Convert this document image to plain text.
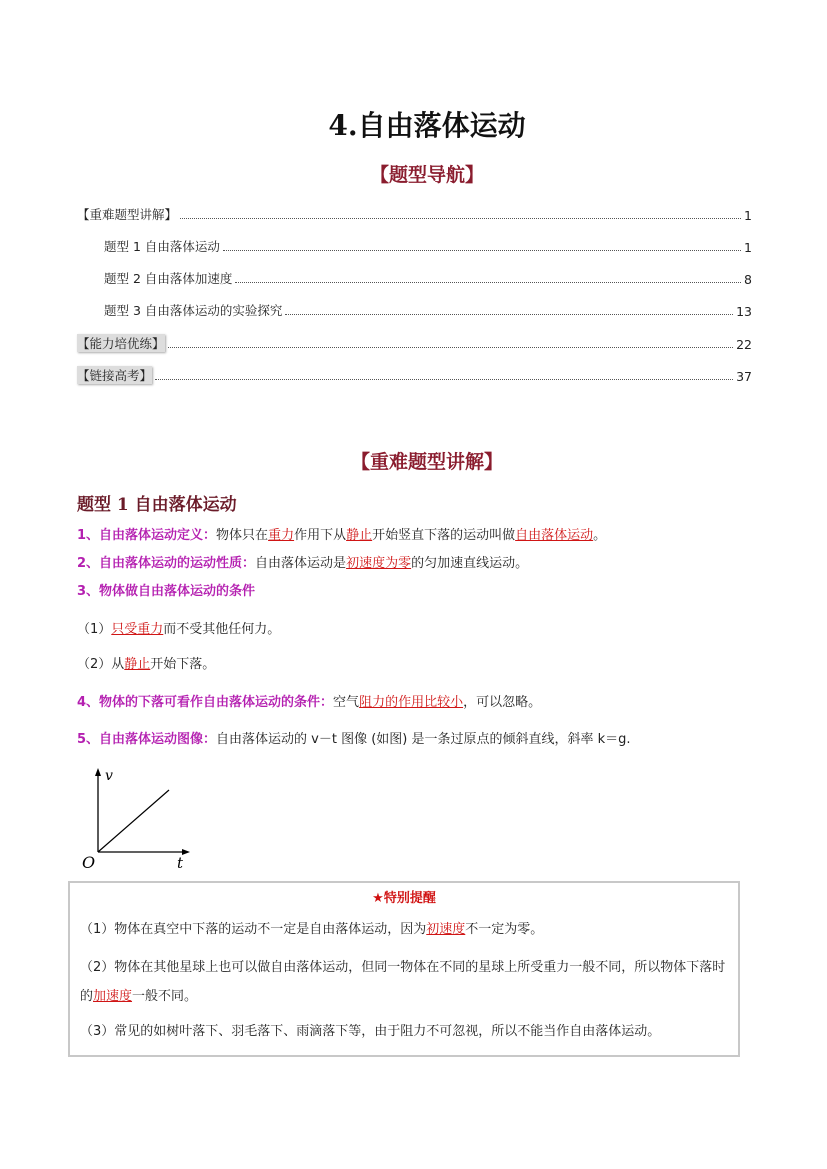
4.自由落体运动
【题型导航】
【重难题型讲解】	1
题型 1 自由落体运动	1
题型 2 自由落体加速度	8
题型 3 自由落体运动的实验探究	13
【能力培优练】	22
【链接高考】	37
【重难题型讲解】
题型 1 自由落体运动
1、自由落体运动定义：物体只在重力作用下从静止开始竖直下落的运动叫做自由落体运动。
2、自由落体运动的运动性质：自由落体运动是初速度为零的匀加速直线运动。
3、物体做自由落体运动的条件
（1）只受重力而不受其他任何力。
（2）从静止开始下落。
4、物体的下落可看作自由落体运动的条件：空气阻力的作用比较小，可以忽略。
5、自由落体运动图像：自由落体运动的 v－t 图像 (如图) 是一条过原点的倾斜直线，斜率 k＝g.
v
t
O
★特别提醒
（1）物体在真空中下落的运动不一定是自由落体运动，因为初速度不一定为零。
（2）物体在其他星球上也可以做自由落体运动，但同一物体在不同的星球上所受重力一般不同，所以物体下落时的加速度一般不同。
（3）常见的如树叶落下、羽毛落下、雨滴落下等，由于阻力不可忽视，所以不能当作自由落体运动。
